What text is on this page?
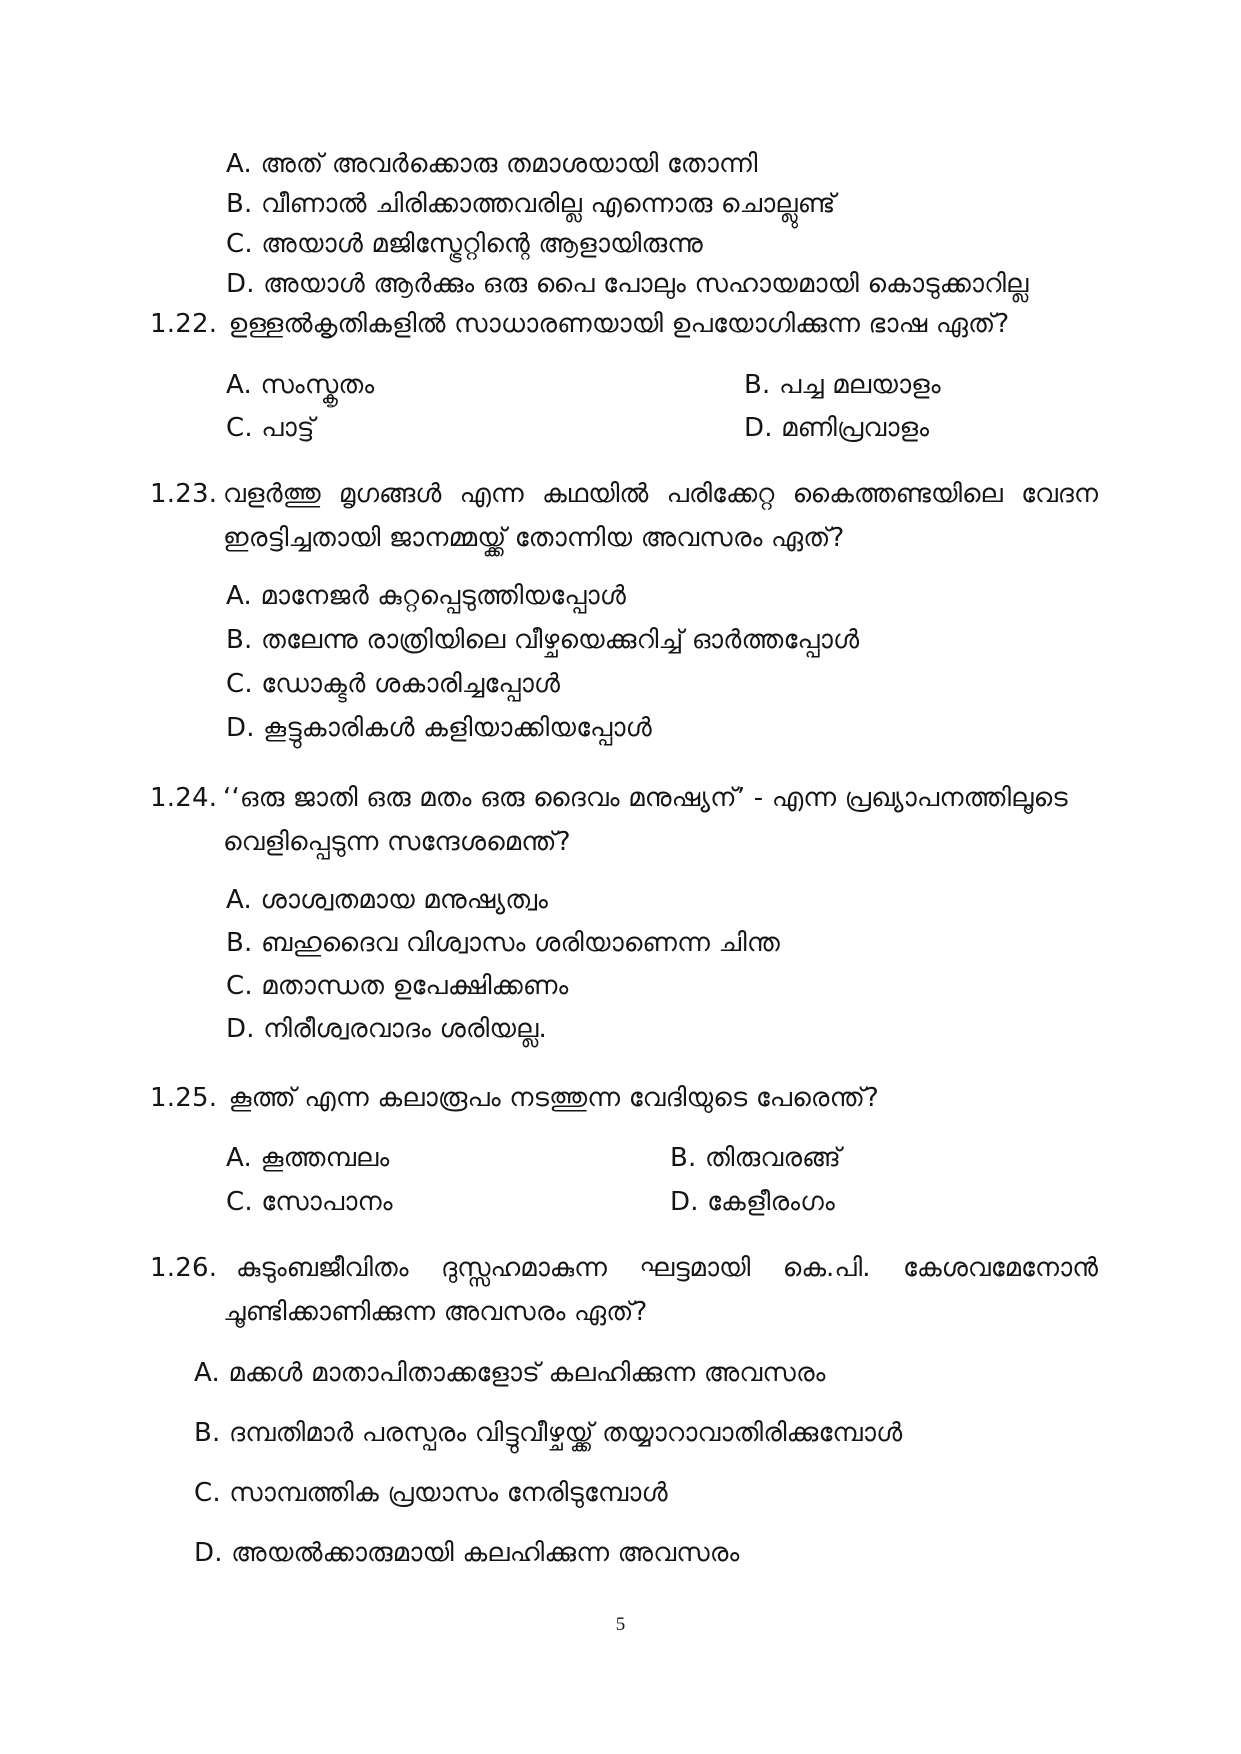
A. അത് അവർക്കൊരു തമാശയായി തോന്നി
B. വീണാൽ ചിരിക്കാത്തവരില്ല എന്നൊരു ചൊല്ലുണ്ട്
C. അയാൾ മജിസ്ട്രേറ്റിന്റെ ആളായിരുന്നു
D. അയാൾ ആർക്കും ഒരു പൈ പോലും സഹായമായി കൊടുക്കാറില്ല
1.22. ഉള്ളൽകൃതികളിൽ സാധാരണയായി ഉപയോഗിക്കുന്ന ഭാഷ ഏത്?
A. സംസ്കൃതം	B. പച്ച മലയാളം
C. പാട്ട്	D. മണിപ്രവാളം
1.23. വളർത്തു മൃഗങ്ങൾ എന്ന കഥയിൽ പരിക്കേറ്റ കൈത്തണ്ടയിലെ വേദന
ഇരട്ടിച്ചതായി ജാനമ്മയ്ക്ക് തോന്നിയ അവസരം ഏത്?
A. മാനേജർ കുറ്റപ്പെടുത്തിയപ്പോൾ
B. തലേന്നു രാത്രിയിലെ വീഴ്ചയെക്കുറിച്ച് ഓർത്തപ്പോൾ
C. ഡോക്ടർ ശകാരിച്ചപ്പോൾ
D. കൂട്ടുകാരികൾ കളിയാക്കിയപ്പോൾ
1.24. ‘‘ഒരു ജാതി ഒരു മതം ഒരു ദൈവം മനുഷ്യന്’ - എന്ന പ്രഖ്യാപനത്തിലൂടെ
വെളിപ്പെടുന്ന സന്ദേശമെന്ത്?
A. ശാശ്വതമായ മനുഷ്യത്വം
B. ബഹുദൈവ വിശ്വാസം ശരിയാണെന്ന ചിന്ത
C. മതാന്ധത ഉപേക്ഷിക്കണം
D. നിരീശ്വരവാദം ശരിയല്ല.
1.25. കൂത്ത് എന്ന കലാരൂപം നടത്തുന്ന വേദിയുടെ പേരെന്ത്?
A. കൂത്തമ്പലം	B. തിരുവരങ്ങ്
C. സോപാനം	D. കേളീരംഗം
1.26. കുടുംബജീവിതം ദുസ്സഹമാകുന്ന ഘട്ടമായി കെ.പി. കേശവമേനോൻ
ചൂണ്ടിക്കാണിക്കുന്ന അവസരം ഏത്?
A. മക്കൾ മാതാപിതാക്കളോട് കലഹിക്കുന്ന അവസരം
B. ദമ്പതിമാർ പരസ്പരം വിട്ടുവീഴ്ചയ്ക്ക് തയ്യാറാവാതിരിക്കുമ്പോൾ
C. സാമ്പത്തിക പ്രയാസം നേരിടുമ്പോൾ
D. അയൽക്കാരുമായി കലഹിക്കുന്ന അവസരം
5
